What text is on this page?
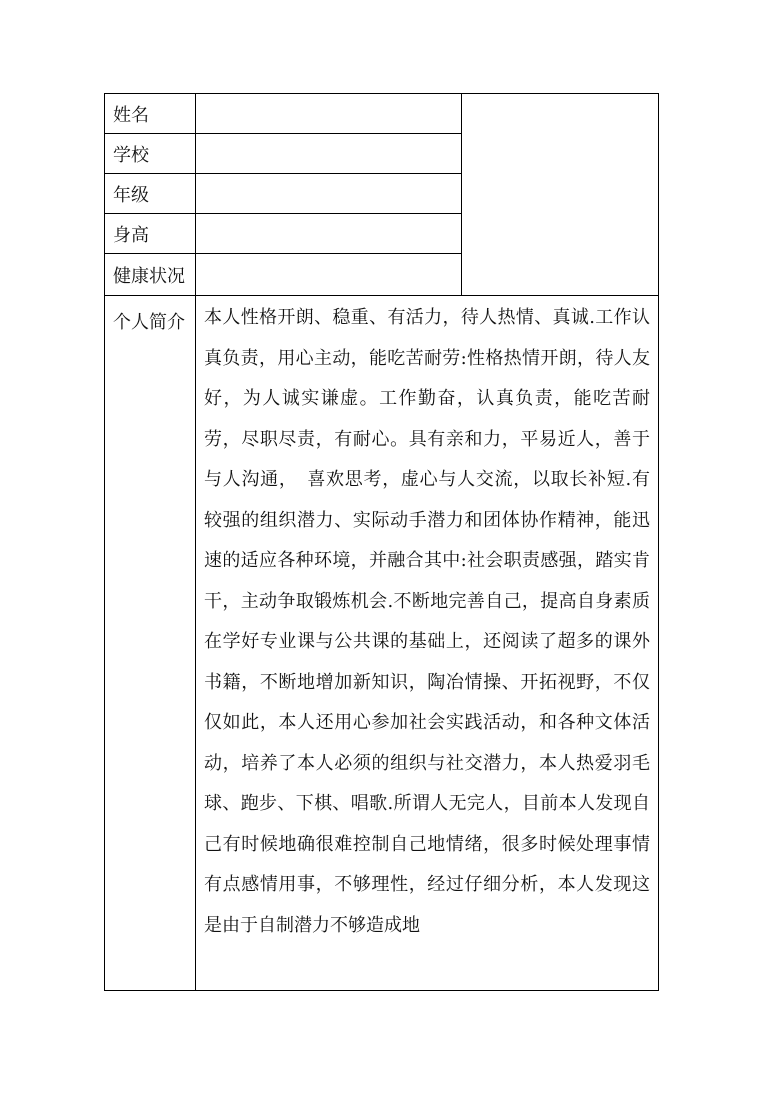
姓名		
学校		
年级		
身高		
健康状况		
个人简介	本人性格开朗、稳重、有活力，待人热情、真诚.工作认真负责，用心主动，能吃苦耐劳:性格热情开朗，待人友好，为人诚实谦虚。工作勤奋，认真负责，能吃苦耐劳，尽职尽责，有耐心。具有亲和力，平易近人，善于与人沟通，　喜欢思考，虚心与人交流，以取长补短.有较强的组织潜力、实际动手潜力和团体协作精神，能迅速的适应各种环境，并融合其中:社会职责感强，踏实肯干，主动争取锻炼机会.不断地完善自己，提高自身素质在学好专业课与公共课的基础上，还阅读了超多的课外书籍，不断地增加新知识，陶冶情操、开拓视野，不仅仅如此，本人还用心参加社会实践活动，和各种文体活动，培养了本人必须的组织与社交潜力，本人热爱羽毛球、跑步、下棋、唱歌.所谓人无完人，目前本人发现自己有时候地确很难控制自己地情绪，很多时候处理事情有点感情用事，不够理性，经过仔细分析，本人发现这是由于自制潜力不够造成地	
